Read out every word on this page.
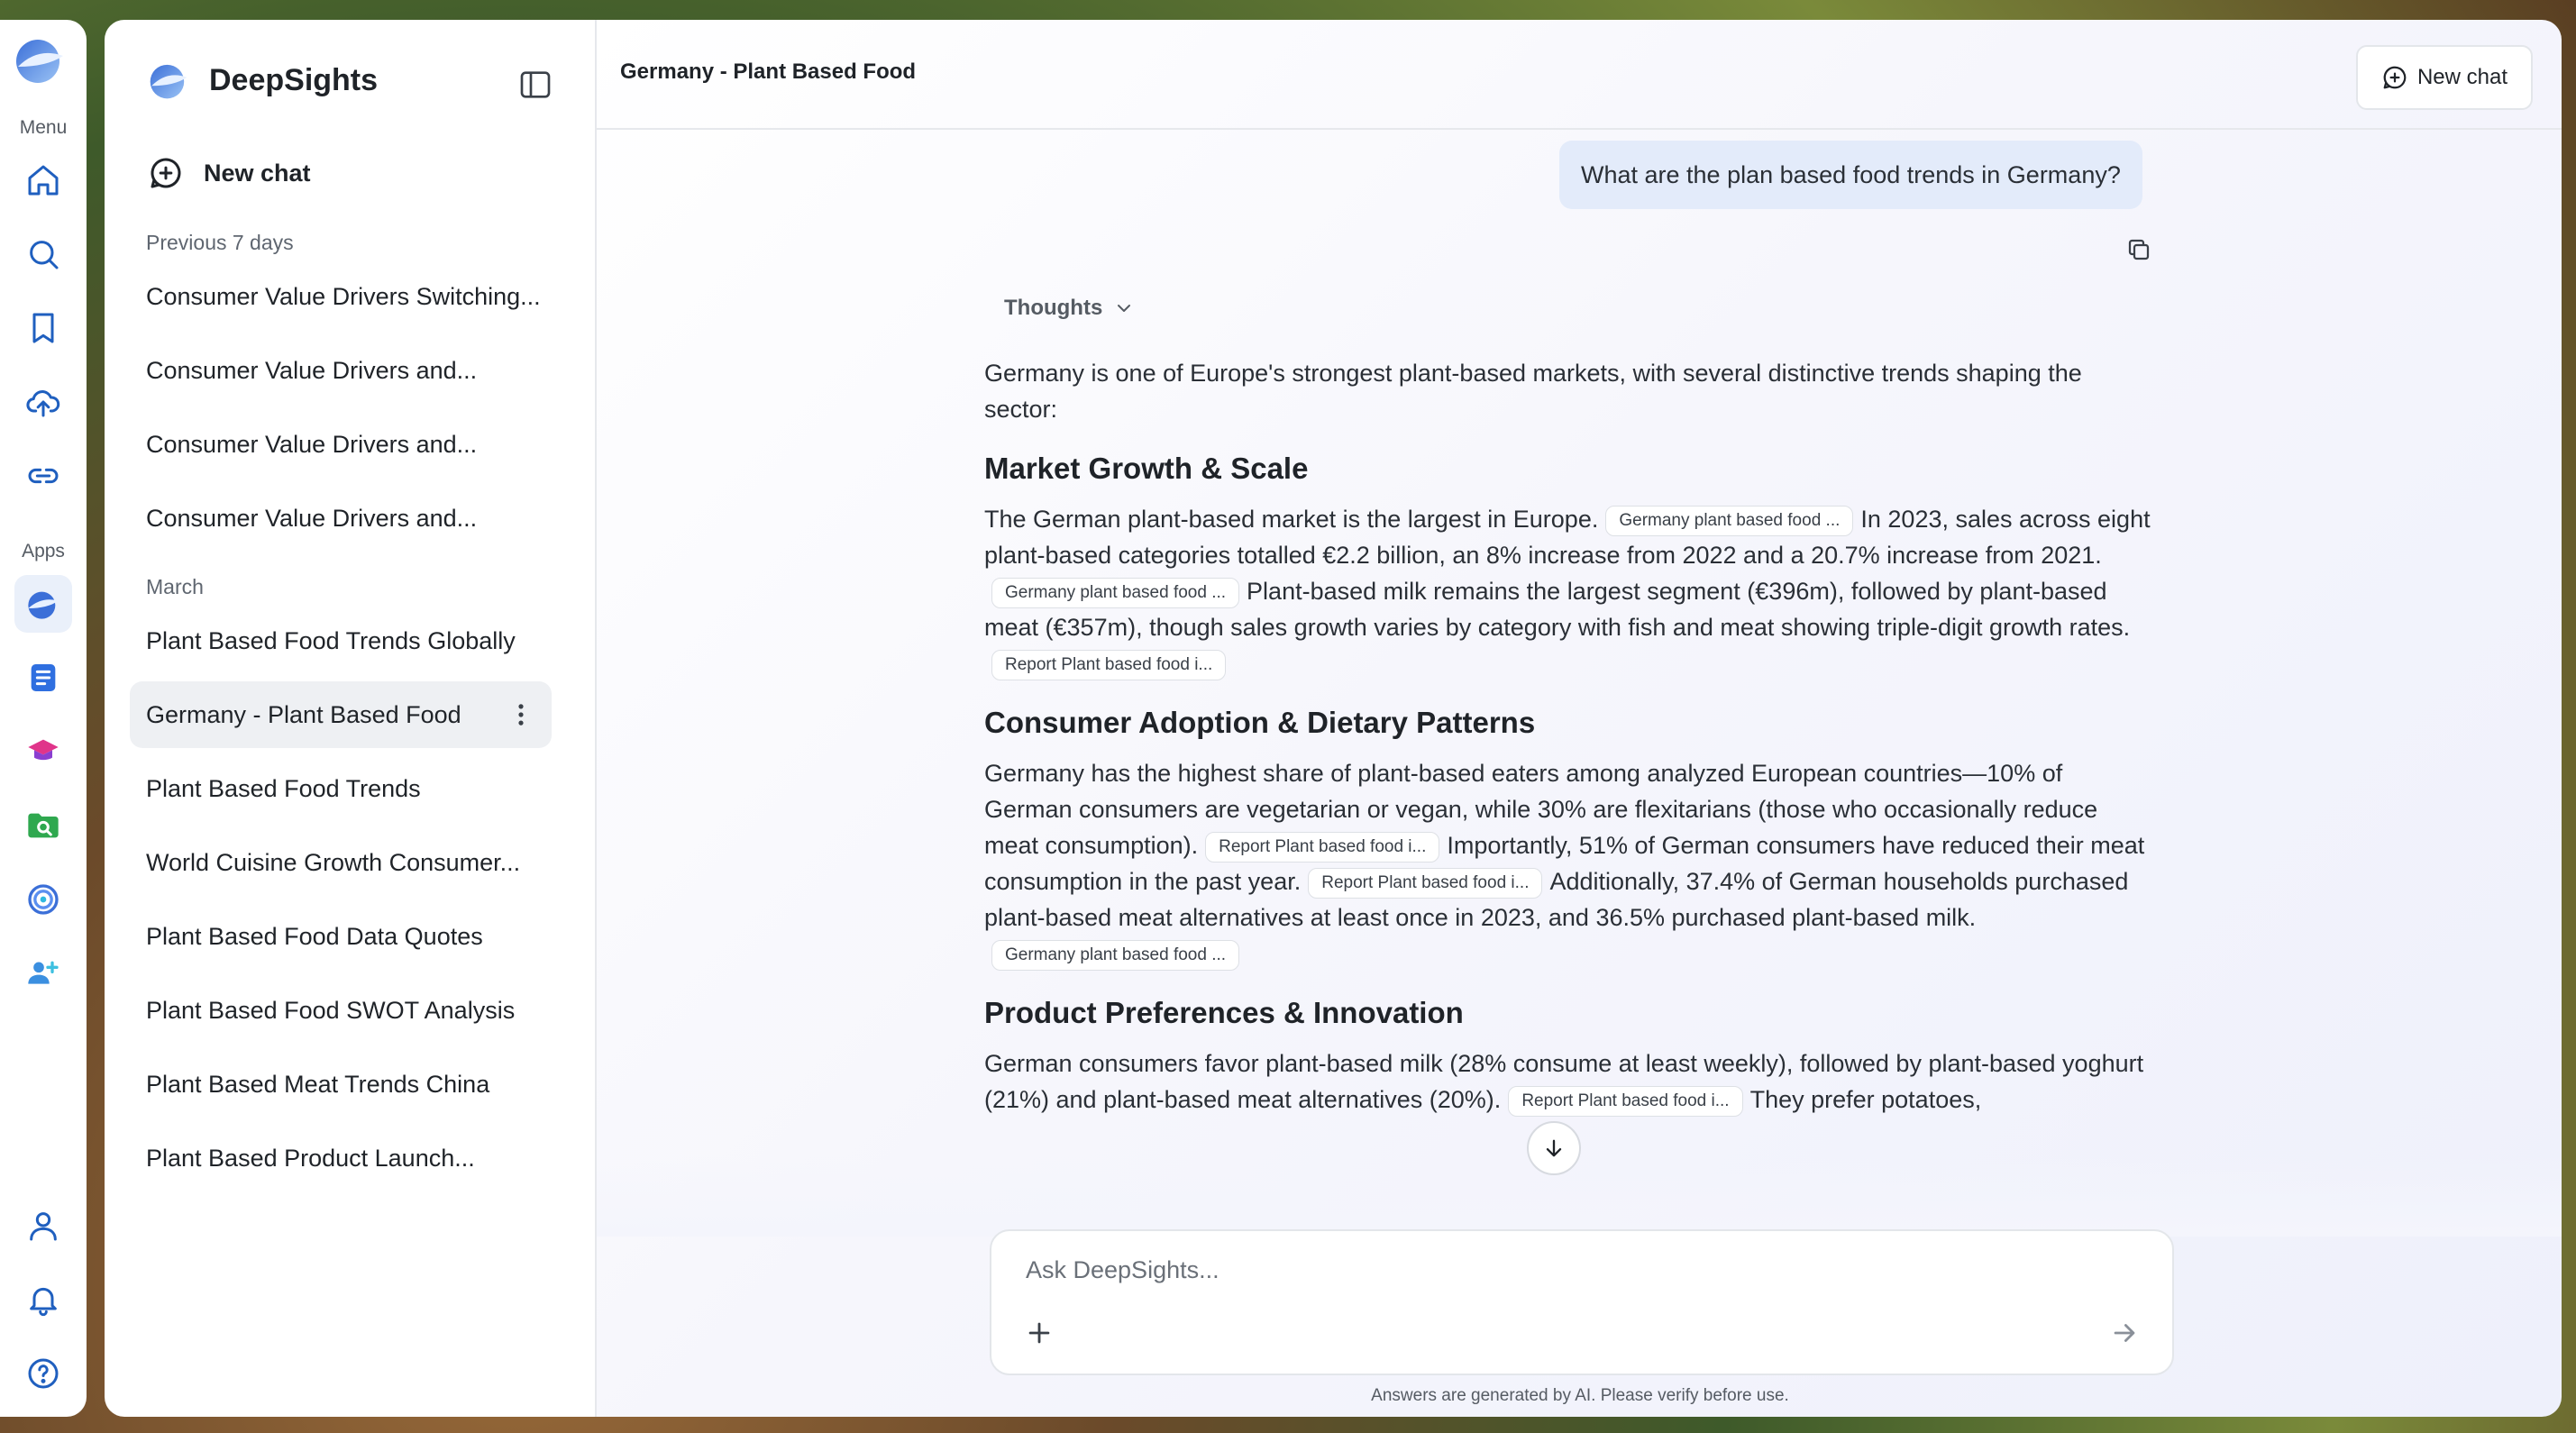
Menu
Apps
DeepSights
New chat
Previous 7 days
Consumer Value Drivers Switching...
Consumer Value Drivers and...
Consumer Value Drivers and...
Consumer Value Drivers and...
March
Plant Based Food Trends Globally
Germany - Plant Based Food
Plant Based Food Trends
World Cuisine Growth Consumer...
Plant Based Food Data Quotes
Plant Based Food SWOT Analysis
Plant Based Meat Trends China
Plant Based Product Launch...
Germany - Plant Based Food	New chat
What are the plan based food trends in Germany?
Thoughts

Germany is one of Europe's strongest plant-based markets, with several distinctive trends shaping the sector:

Market Growth & Scale

The German plant-based market is the largest in Europe. Germany plant based food ... In 2023, sales across eight plant-based categories totalled €2.2 billion, an 8% increase from 2022 and a 20.7% increase from 2021.Germany plant based food ... Plant-based milk remains the largest segment (€396m), followed by plant-based meat (€357m), though sales growth varies by category with fish and meat showing triple-digit growth rates.Report Plant based food i...

Consumer Adoption & Dietary Patterns

Germany has the highest share of plant-based eaters among analyzed European countries—10% of German consumers are vegetarian or vegan, while 30% are flexitarians (those who occasionally reduce meat consumption). Report Plant based food i... Importantly, 51% of German consumers have reduced their meat consumption in the past year. Report Plant based food i... Additionally, 37.4% of German households purchased plant-based meat alternatives at least once in 2023, and 36.5% purchased plant-based milk.Germany plant based food ...

Product Preferences & Innovation

German consumers favor plant-based milk (28% consume at least weekly), followed by plant-based yoghurt (21%) and plant-based meat alternatives (20%). Report Plant based food i... They prefer potatoes,

Ask DeepSights...
Answers are generated by AI. Please verify before use.
